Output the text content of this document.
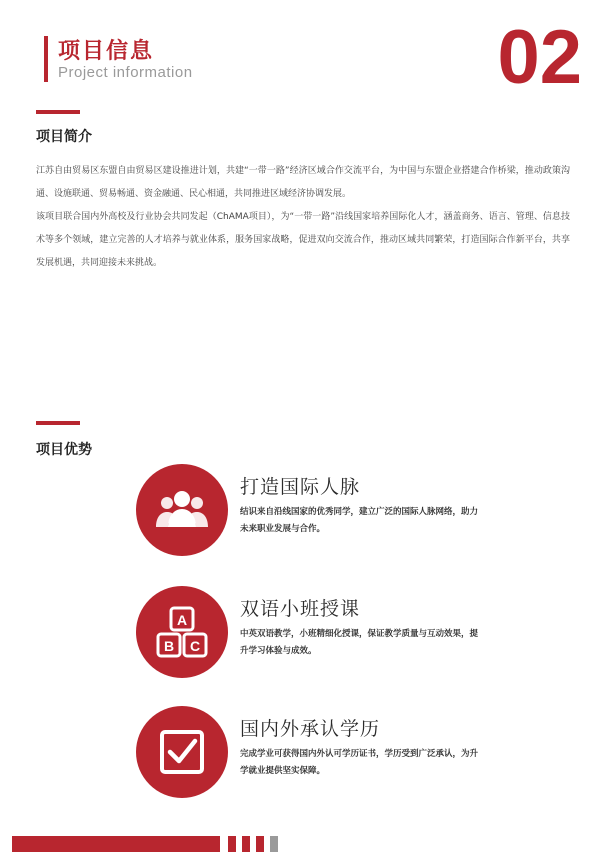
项目信息
Project information	02
项目简介

江苏自由贸易区东盟自由贸易区建设推进计划，共建“一带一路”经济区域合作交流平台，为中国与东盟企业搭建合作桥梁，推动政策沟通、设施联通、贸易畅通、资金融通、民心相通，共同推进区域经济协调发展。

该项目联合国内外高校及行业协会共同发起（ChAMA项目），为“一带一路”沿线国家培养国际化人才，涵盖商务、语言、管理、信息技术等多个领域，建立完善的人才培养与就业体系，服务国家战略，促进双向交流合作，推动区域共同繁荣，打造国际合作新平台，共享发展机遇，共同迎接未来挑战。

项目优势
打造国际人脉
结识来自沿线国家的优秀同学，建立广泛的国际人脉网络，助力未来职业发展与合作。
A
B C
双语小班授课
中英双语教学，小班精细化授课，保证教学质量与互动效果，提升学习体验与成效。
国内外承认学历
完成学业可获得国内外认可学历证书，学历受到广泛承认，为升学就业提供坚实保障。
